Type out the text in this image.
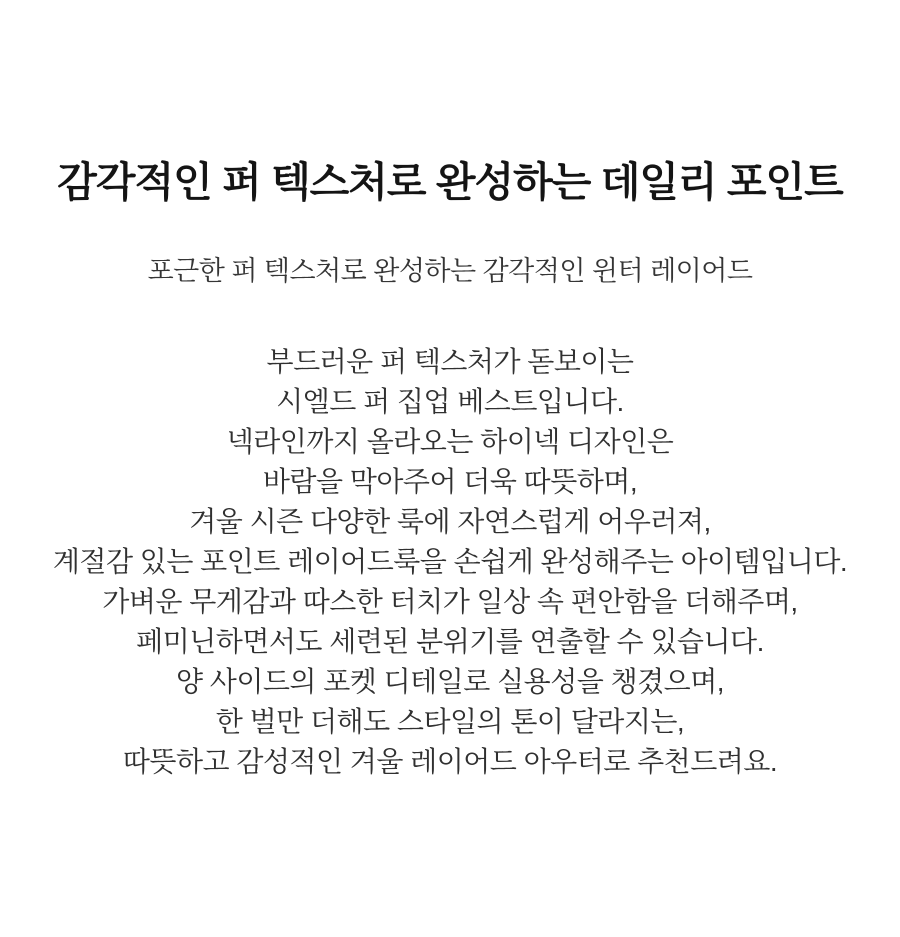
감각적인 퍼 텍스처로 완성하는 데일리 포인트

포근한 퍼 텍스처로 완성하는 감각적인 윈터 레이어드

부드러운 퍼 텍스처가 돋보이는
시엘드 퍼 집업 베스트입니다.
넥라인까지 올라오는 하이넥 디자인은
바람을 막아주어 더욱 따뜻하며,
겨울 시즌 다양한 룩에 자연스럽게 어우러져,
계절감 있는 포인트 레이어드룩을 손쉽게 완성해주는 아이템입니다.
가벼운 무게감과 따스한 터치가 일상 속 편안함을 더해주며,
페미닌하면서도 세련된 분위기를 연출할 수 있습니다.
양 사이드의 포켓 디테일로 실용성을 챙겼으며,
한 벌만 더해도 스타일의 톤이 달라지는,
따뜻하고 감성적인 겨울 레이어드 아우터로 추천드려요.
